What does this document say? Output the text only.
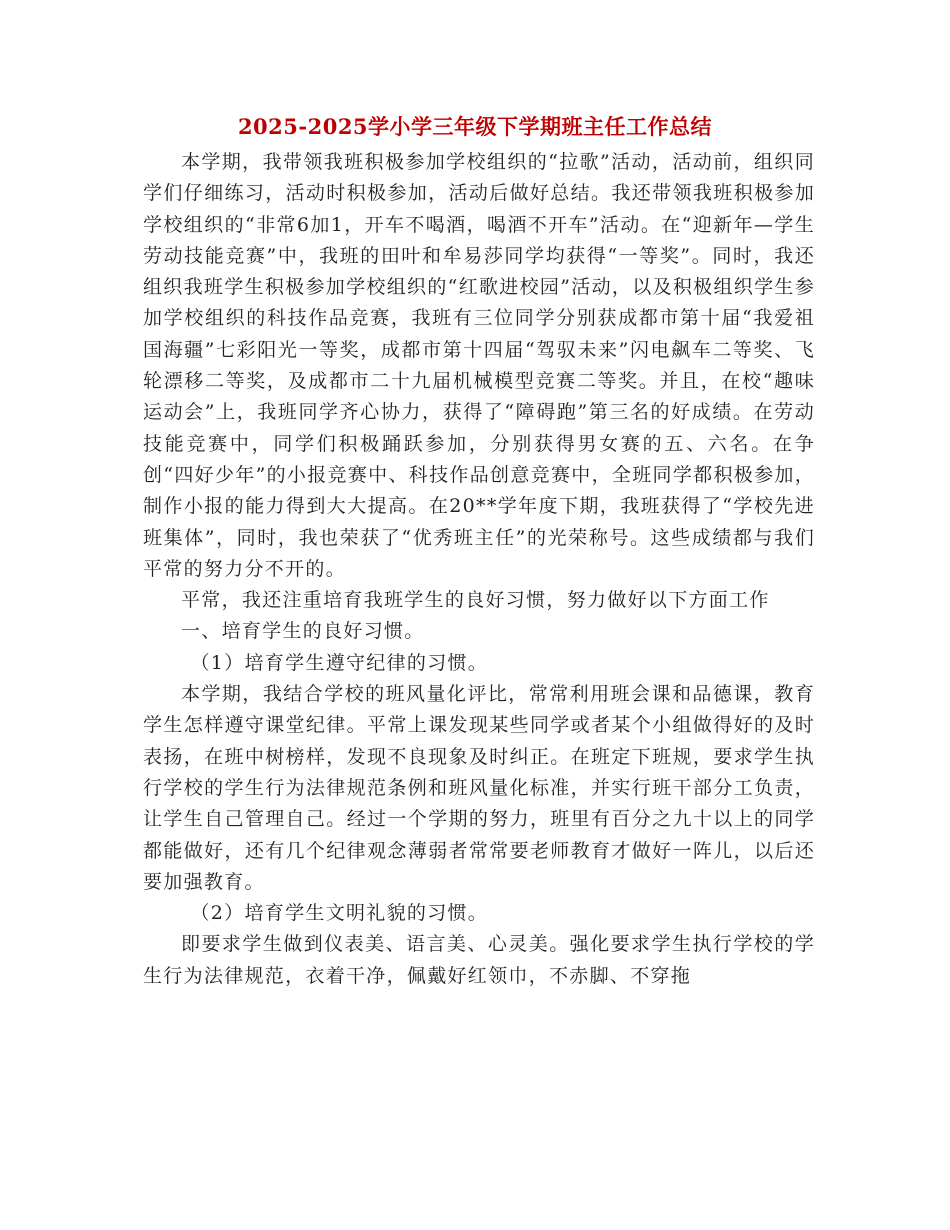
2025-2025学小学三年级下学期班主任工作总结

本学期，我带领我班积极参加学校组织的“拉歌”活动，活动前，组织同学们仔细练习，活动时积极参加，活动后做好总结。我还带领我班积极参加学校组织的“非常6加1，开车不喝酒，喝酒不开车”活动。在“迎新年—学生劳动技能竞赛”中，我班的田叶和牟易莎同学均获得“一等奖”。同时，我还组织我班学生积极参加学校组织的“红歌进校园”活动，以及积极组织学生参加学校组织的科技作品竞赛，我班有三位同学分别获成都市第十届“我爱祖国海疆”七彩阳光一等奖，成都市第十四届“驾驭未来”闪电飙车二等奖、飞轮漂移二等奖，及成都市二十九届机械模型竞赛二等奖。并且，在校“趣味运动会”上，我班同学齐心协力，获得了“障碍跑”第三名的好成绩。在劳动技能竞赛中，同学们积极踊跃参加，分别获得男女赛的五、六名。在争创“四好少年”的小报竞赛中、科技作品创意竞赛中，全班同学都积极参加，制作小报的能力得到大大提高。在20**学年度下期，我班获得了“学校先进班集体”，同时，我也荣获了“优秀班主任”的光荣称号。这些成绩都与我们平常的努力分不开的。

平常，我还注重培育我班学生的良好习惯，努力做好以下方面工作

一、培育学生的良好习惯。

（1）培育学生遵守纪律的习惯。

本学期，我结合学校的班风量化评比，常常利用班会课和品德课，教育学生怎样遵守课堂纪律。平常上课发现某些同学或者某个小组做得好的及时表扬，在班中树榜样，发现不良现象及时纠正。在班定下班规，要求学生执行学校的学生行为法律规范条例和班风量化标准，并实行班干部分工负责，让学生自己管理自己。经过一个学期的努力，班里有百分之九十以上的同学都能做好，还有几个纪律观念薄弱者常常要老师教育才做好一阵儿，以后还要加强教育。

（2）培育学生文明礼貌的习惯。

即要求学生做到仪表美、语言美、心灵美。强化要求学生执行学校的学生行为法律规范，衣着干净，佩戴好红领巾，不赤脚、不穿拖
